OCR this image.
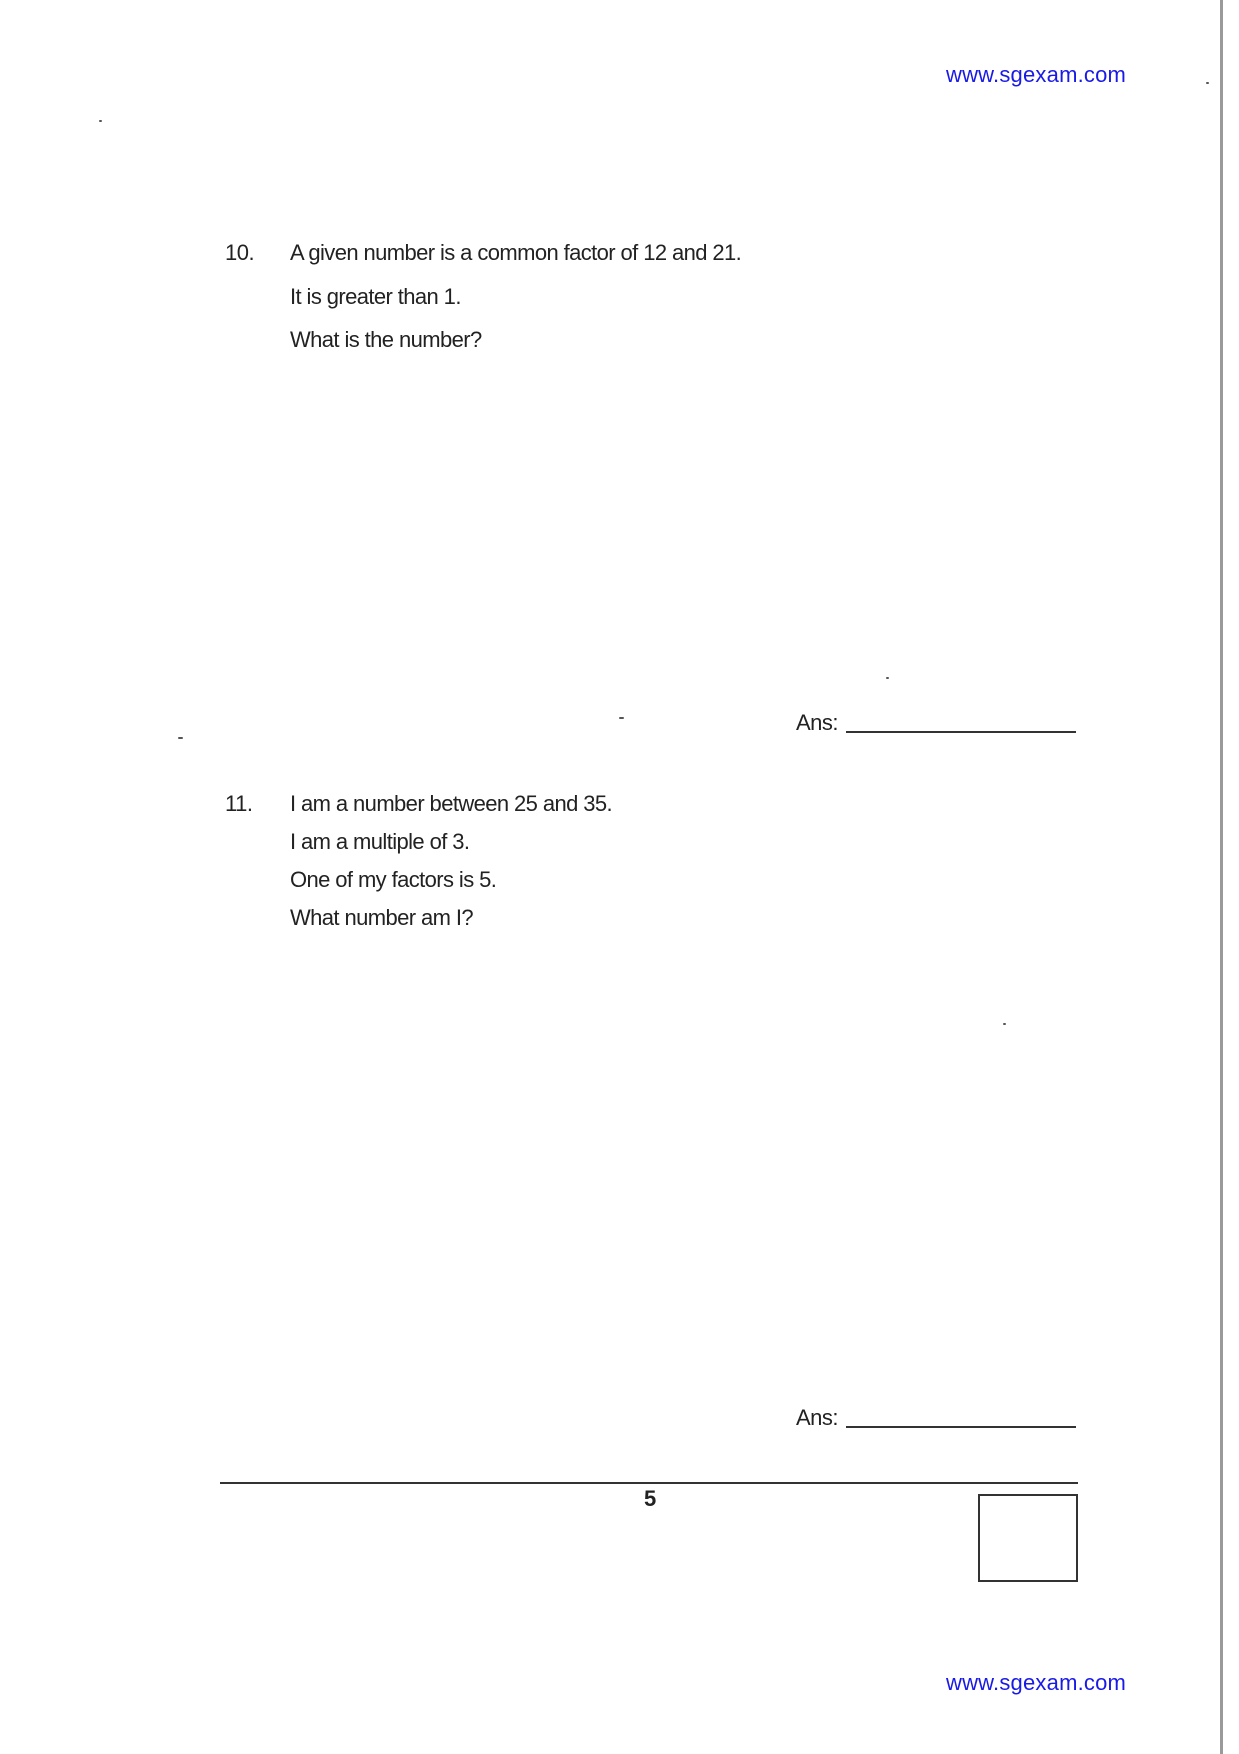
www.sgexam.com
10. A given number is a common factor of 12 and 21.
It is greater than 1.
What is the number?
Ans:
11. I am a number between 25 and 35.
I am a multiple of 3.
One of my factors is 5.
What number am I?
Ans:
5
www.sgexam.com
